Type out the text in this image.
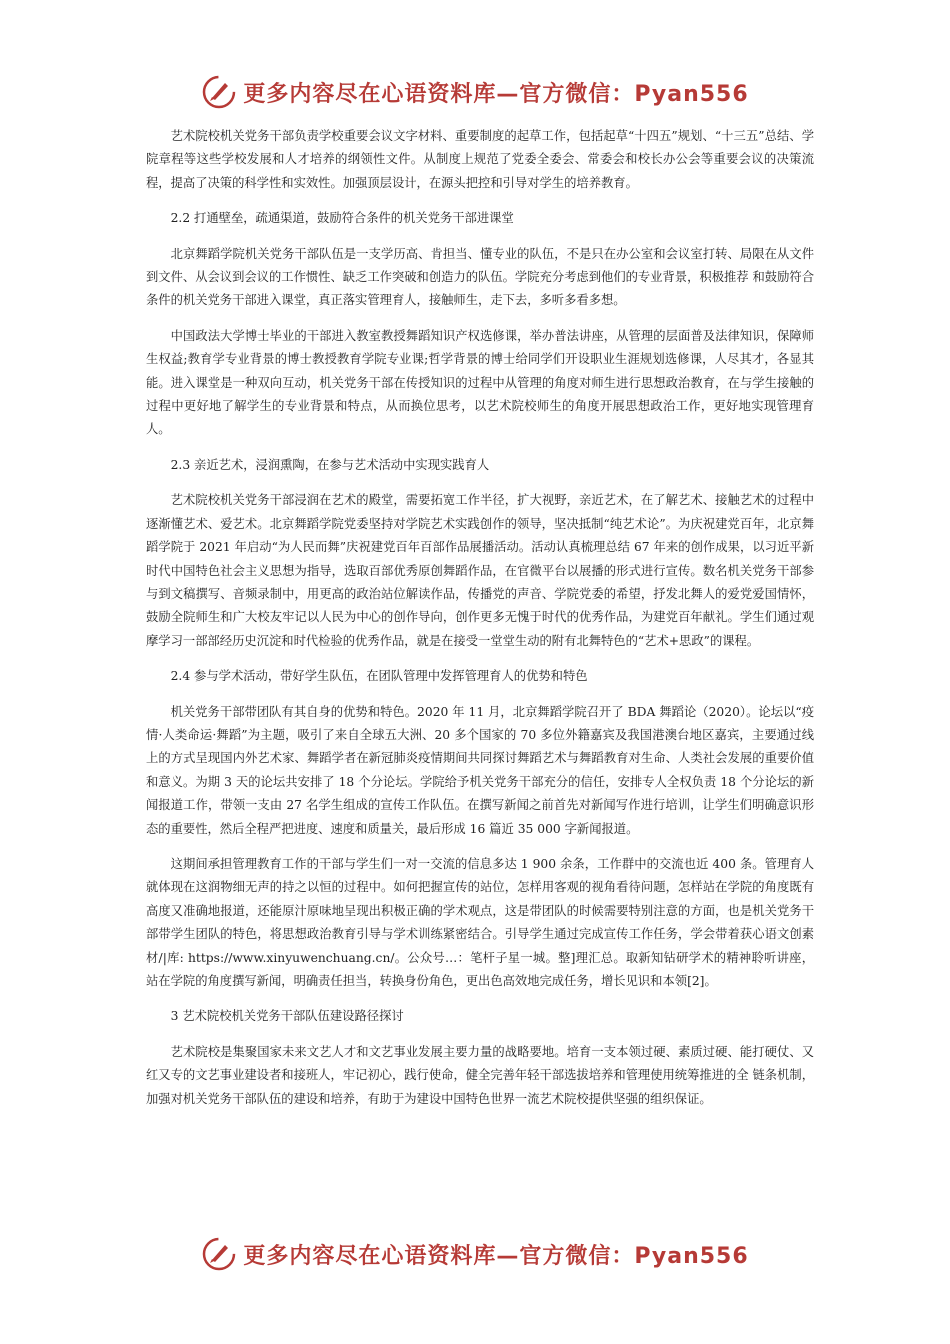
更多内容尽在心语资料库—官方微信：Pyan556

艺术院校机关党务干部负责学校重要会议文字材料、重要制度的起草工作，包括起草“十四五”规划、“十三五”总结、学院章程等这些学校发展和人才培养的纲领性文件。从制度上规范了党委全委会、常委会和校长办公会等重要会议的决策流程，提高了决策的科学性和实效性。加强顶层设计，在源头把控和引导对学生的培养教育。

2.2 打通壁垒，疏通渠道，鼓励符合条件的机关党务干部进课堂

北京舞蹈学院机关党务干部队伍是一支学历高、肯担当、懂专业的队伍，不是只在办公室和会议室打转、局限在从文件到文件、从会议到会议的工作惯性、缺乏工作突破和创造力的队伍。学院充分考虑到他们的专业背景，积极推荐 和鼓励符合条件的机关党务干部进入课堂，真正落实管理育人，接触师生，走下去，多听多看多想。

中国政法大学博士毕业的干部进入教室教授舞蹈知识产权选修课，举办普法讲座，从管理的层面普及法律知识，保障师生权益;教育学专业背景的博士教授教育学院专业课;哲学背景的博士给同学们开设职业生涯规划选修课，人尽其才，各显其能。进入课堂是一种双向互动，机关党务干部在传授知识的过程中从管理的角度对师生进行思想政治教育，在与学生接触的过程中更好地了解学生的专业背景和特点，从而换位思考，以艺术院校师生的角度开展思想政治工作，更好地实现管理育人。

2.3 亲近艺术，浸润熏陶，在参与艺术活动中实现实践育人

艺术院校机关党务干部浸润在艺术的殿堂，需要拓宽工作半径，扩大视野，亲近艺术，在了解艺术、接触艺术的过程中逐渐懂艺术、爱艺术。北京舞蹈学院党委坚持对学院艺术实践创作的领导，坚决抵制“纯艺术论”。为庆祝建党百年，北京舞蹈学院于 2021 年启动“为人民而舞”庆祝建党百年百部作品展播活动。活动认真梳理总结 67 年来的创作成果，以习近平新时代中国特色社会主义思想为指导，选取百部优秀原创舞蹈作品，在官微平台以展播的形式进行宣传。数名机关党务干部参与到文稿撰写、音频录制中，用更高的政治站位解读作品，传播党的声音、学院党委的希望，抒发北舞人的爱党爱国情怀，鼓励全院师生和广大校友牢记以人民为中心的创作导向，创作更多无愧于时代的优秀作品，为建党百年献礼。学生们通过观摩学习一部部经历史沉淀和时代检验的优秀作品，就是在接受一堂堂生动的附有北舞特色的“艺术+思政”的课程。

2.4 参与学术活动，带好学生队伍，在团队管理中发挥管理育人的优势和特色

机关党务干部带团队有其自身的优势和特色。2020 年 11 月，北京舞蹈学院召开了 BDA 舞蹈论（2020）。论坛以“疫情·人类命运·舞蹈”为主题，吸引了来自全球五大洲、20 多个国家的 70 多位外籍嘉宾及我国港澳台地区嘉宾，主要通过线上的方式呈现国内外艺术家、舞蹈学者在新冠肺炎疫情期间共同探讨舞蹈艺术与舞蹈教育对生命、人类社会发展的重要价值和意义。为期 3 天的论坛共安排了 18 个分论坛。学院给予机关党务干部充分的信任，安排专人全权负责 18 个分论坛的新闻报道工作，带领一支由 27 名学生组成的宣传工作队伍。在撰写新闻之前首先对新闻写作进行培训，让学生们明确意识形态的重要性，然后全程严把进度、速度和质量关，最后形成 16 篇近 35 000 字新闻报道。

这期间承担管理教育工作的干部与学生们一对一交流的信息多达 1 900 余条，工作群中的交流也近 400 条。管理育人就体现在这润物细无声的持之以恒的过程中。如何把握宣传的站位，怎样用客观的视角看待问题，怎样站在学院的角度既有高度又准确地报道，还能原汁原味地呈现出积极正确的学术观点，这是带团队的时候需要特别注意的方面，也是机关党务干部带学生团队的特色，将思想政治教育引导与学术训练紧密结合。引导学生通过完成宣传工作任务，学会带着获心语文创素材/|库: https://www.xinyuwenchuang.cn/。公众号…：笔杆子星一城。整]理汇总。取新知钻研学术的精神聆听讲座，站在学院的角度撰写新闻，明确责任担当，转换身份角色，更出色高效地完成任务，增长见识和本领[2]。

3 艺术院校机关党务干部队伍建设路径探讨

艺术院校是集聚国家未来文艺人才和文艺事业发展主要力量的战略要地。培育一支本领过硬、素质过硬、能打硬仗、又红又专的文艺事业建设者和接班人，牢记初心，践行使命，健全完善年轻干部选拔培养和管理使用统筹推进的全 链条机制，加强对机关党务干部队伍的建设和培养，有助于为建设中国特色世界一流艺术院校提供坚强的组织保证。

更多内容尽在心语资料库—官方微信：Pyan556
